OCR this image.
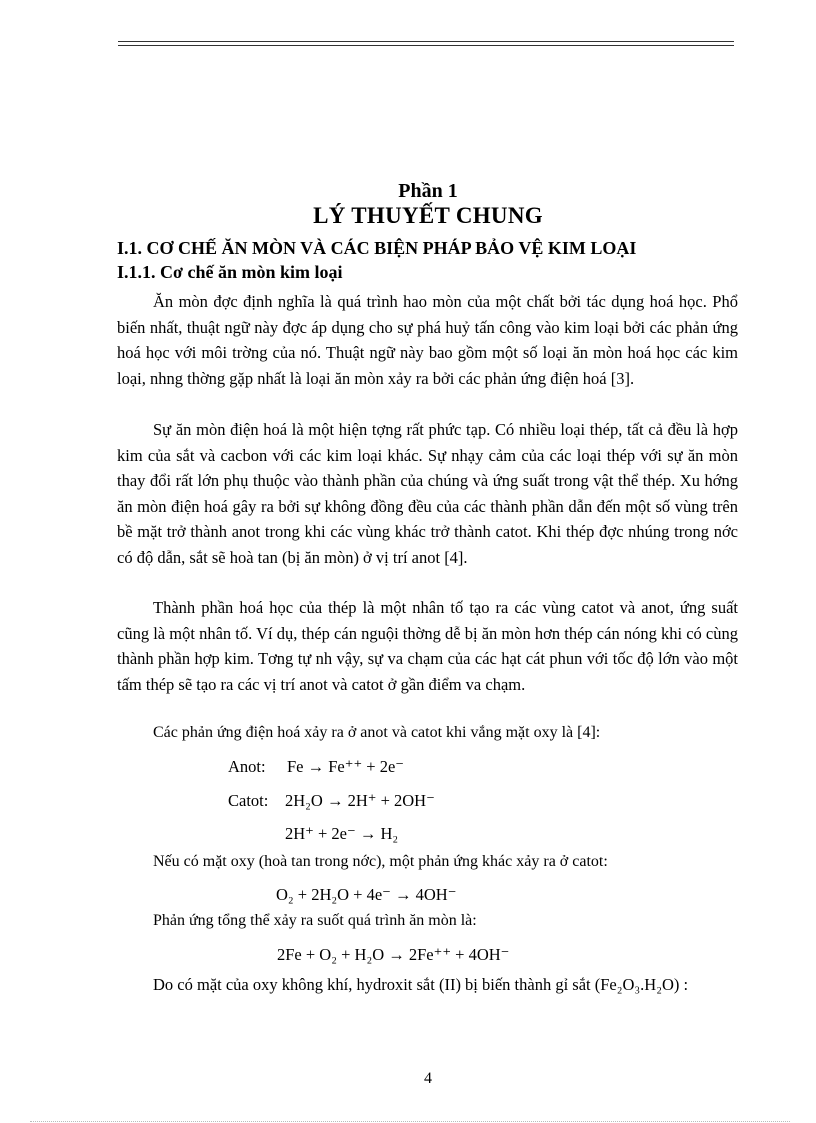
Phần 1
LÝ THUYẾT CHUNG
I.1. CƠ CHẾ ĂN MÒN VÀ CÁC BIỆN PHÁP BẢO VỆ KIM LOẠI
I.1.1. Cơ chế ăn mòn kim loại
Ăn mòn đợc định nghĩa là quá trình hao mòn của một chất bởi tác dụng hoá học. Phổ biến nhất, thuật ngữ này đợc áp dụng cho sự phá huỷ tấn công vào kim loại bởi các phản ứng hoá học với môi trờng của nó. Thuật ngữ này bao gồm một số loại ăn mòn hoá học các kim loại, nhng thờng gặp nhất là loại ăn mòn xảy ra bởi các phản ứng điện hoá [3].
Sự ăn mòn điện hoá là một hiện tợng rất phức tạp. Có nhiều loại thép, tất cả đều là hợp kim của sắt và cacbon với các kim loại khác. Sự nhạy cảm của các loại thép với sự ăn mòn thay đổi rất lớn phụ thuộc vào thành phần của chúng và ứng suất trong vật thể thép. Xu hớng ăn mòn điện hoá gây ra bởi sự không đồng đều của các thành phần dẫn đến một số vùng trên bề mặt trở thành anot trong khi các vùng khác trở thành catot. Khi thép đợc nhúng trong nớc có độ dẫn, sắt sẽ hoà tan (bị ăn mòn) ở vị trí anot [4].
Thành phần hoá học của thép là một nhân tố tạo ra các vùng catot và anot, ứng suất cũng là một nhân tố. Ví dụ, thép cán nguội thờng dễ bị ăn mòn hơn thép cán nóng khi có cùng thành phần hợp kim. Tơng tự nh vậy, sự va chạm của các hạt cát phun với tốc độ lớn vào một tấm thép sẽ tạo ra các vị trí anot và catot ở gần điểm va chạm.
Các phản ứng điện hoá xảy ra ở anot và catot khi vắng mặt oxy là [4]:
Anot: Fe → Fe⁺⁺ + 2e⁻
Catot: 2H₂O → 2H⁺ + 2OH⁻
2H⁺ + 2e⁻ → H₂
Nếu có mặt oxy (hoà tan trong nớc), một phản ứng khác xảy ra ở catot:
O₂ + 2H₂O + 4e⁻ → 4OH⁻
Phản ứng tổng thể xảy ra suốt quá trình ăn mòn là:
2Fe + O₂ + H₂O → 2Fe⁺⁺ + 4OH⁻
Do có mặt của oxy không khí, hydroxit sắt (II) bị biến thành gỉ sắt (Fe₂O₃.H₂O) :
4
